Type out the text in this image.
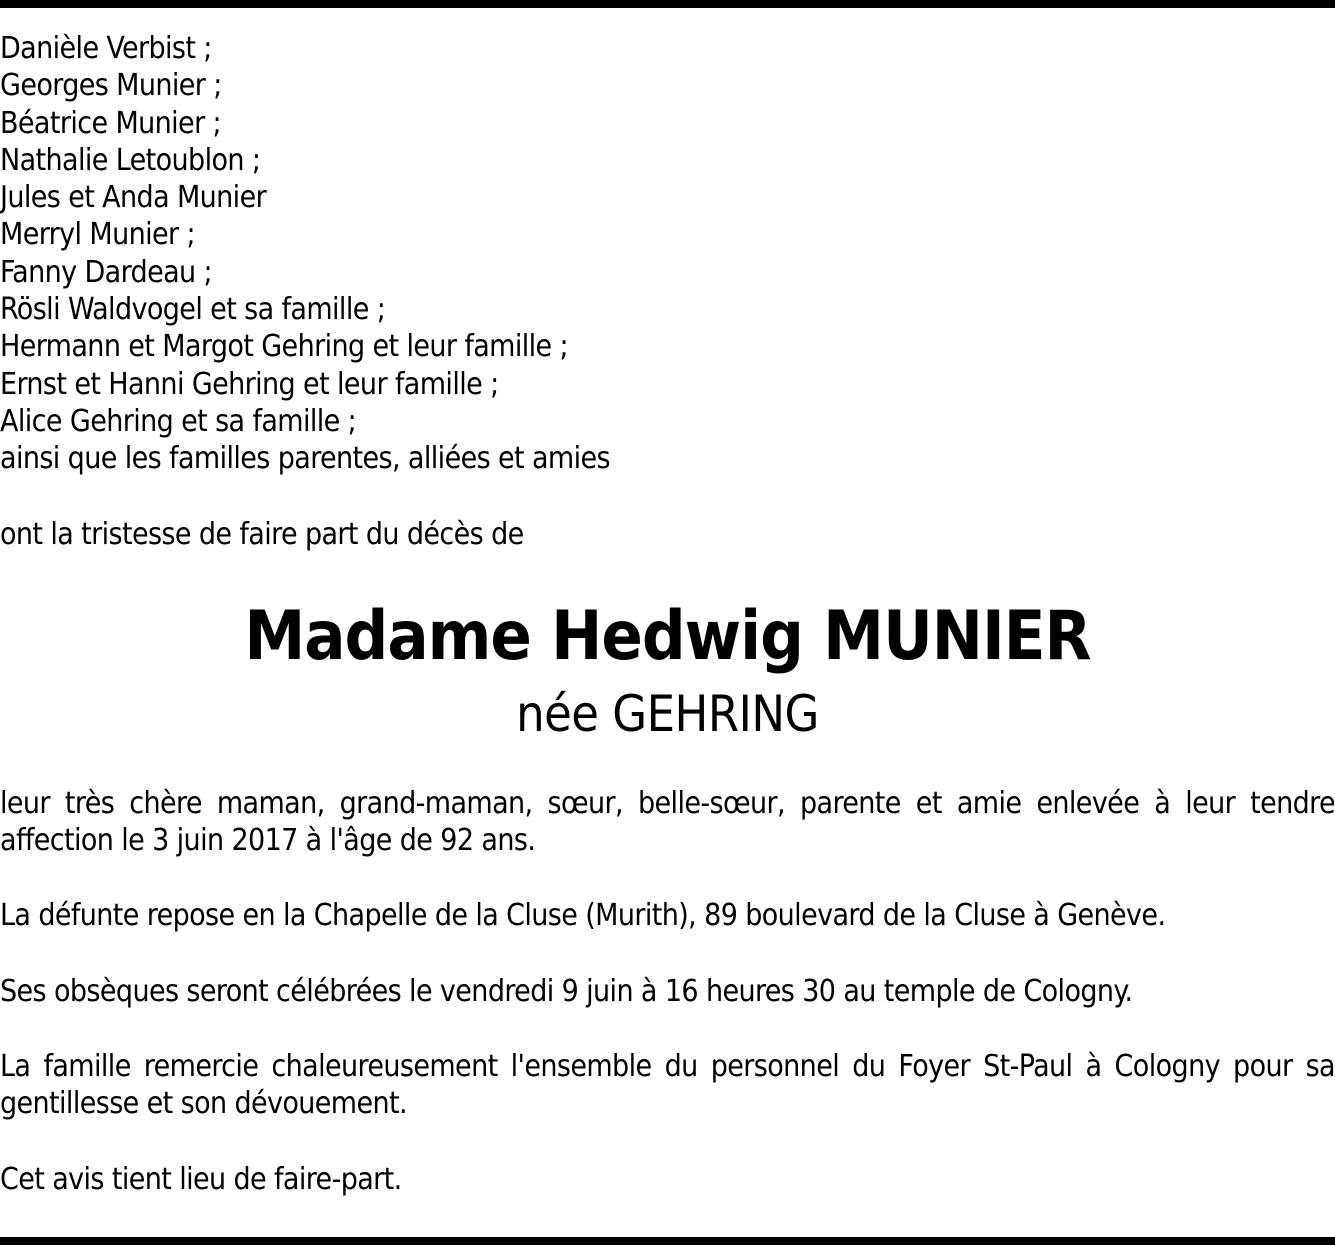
Danièle Verbist ;
Georges Munier ;
Béatrice Munier ;
Nathalie Letoublon ;
Jules et Anda Munier
Merryl Munier ;
Fanny Dardeau ;
Rösli Waldvogel et sa famille ;
Hermann et Margot Gehring et leur famille ;
Ernst et Hanni Gehring et leur famille ;
Alice Gehring et sa famille ;
ainsi que les familles parentes, alliées et amies
ont la tristesse de faire part du décès de
Madame Hedwig MUNIER
née GEHRING
leur très chère maman, grand-maman, sœur, belle-sœur, parente et amie enlevée à leur tendre affection le 3 juin 2017 à l'âge de 92 ans.
La défunte repose en la Chapelle de la Cluse (Murith), 89 boulevard de la Cluse à Genève.
Ses obsèques seront célébrées le vendredi 9 juin à 16 heures 30 au temple de Cologny.
La famille remercie chaleureusement l'ensemble du personnel du Foyer St-Paul à Cologny pour sa gentillesse et son dévouement.
Cet avis tient lieu de faire-part.
